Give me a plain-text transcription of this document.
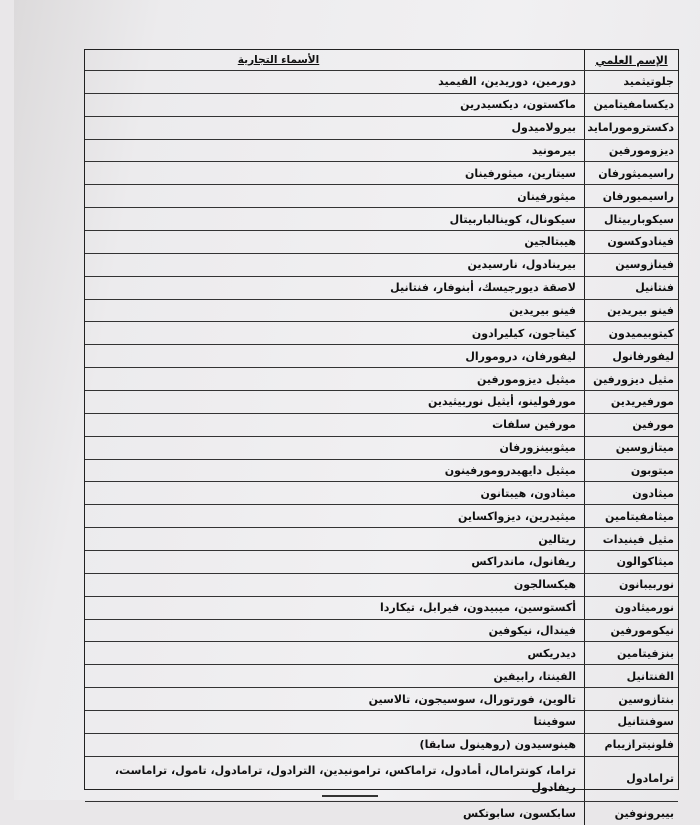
الإسم العلمي
الأسماء التجارية
جلوتيثميد
دورمين، دوريدين، الفيميد
ديكسامفيتامين
ماكستون، ديكسيدرين
دكسترومورامايد
بيرولاميدول
ديزومورفين
بيرمونيد
راسيميثورفان
سيتارين، ميثورفينان
راسيميورفان
ميثورفينان
سيكوباربيتال
سيكونال، كوينالباربيتال
فينادوكسون
هيبتالجين
فينازوسين
بيرينادول، نارسيدين
فنتانيل
لاصقة ديورجيسك، أبنوفار، فنتانيل
فينو بيريدين
فينو بيريدين
كيتوبيميدون
كيتاجون، كيليرادون
ليفورفانول
ليفورفان، درومورال
مثيل ديزورفين
ميثيل ديزومورفين
مورفيريدين
مورفولينو، أيثيل نوربيثيدين
مورفين
مورفين سلفات
ميتازوسين
ميثوبينزورفان
ميتوبون
ميثيل دايهيدرومورفينون
ميثادون
ميثادون، هيبتانون
ميثامفيتامين
ميثيدرين، ديزواكساين
مثيل فينيدات
ريتالين
ميثاكوالون
ريفانول، ماندراكس
نوربيبانون
هيكسالجون
نورميثادون
أكستوسين، ميبيدون، فيرابل، تيكاردا
نيكومورفين
فيندال، نيكوفين
بنزفيتامين
ديدريكس
الفنتانيل
الفينتا، رابيفين
بنتازوسين
تالوين، فورتورال، سوسيجون، تالاسين
سوفنتانيل
سوفينتا
فلونيترازيبام
هينوسيدون (روهينول سابقا)
ترامادول
تراما، كونترامال، أمادول، تراماكس، ترامونيدين، الترادول، ترامادول، تامول، تراماست، ريفادول
بيبرونوفين
سابكسون، سابوتكس
